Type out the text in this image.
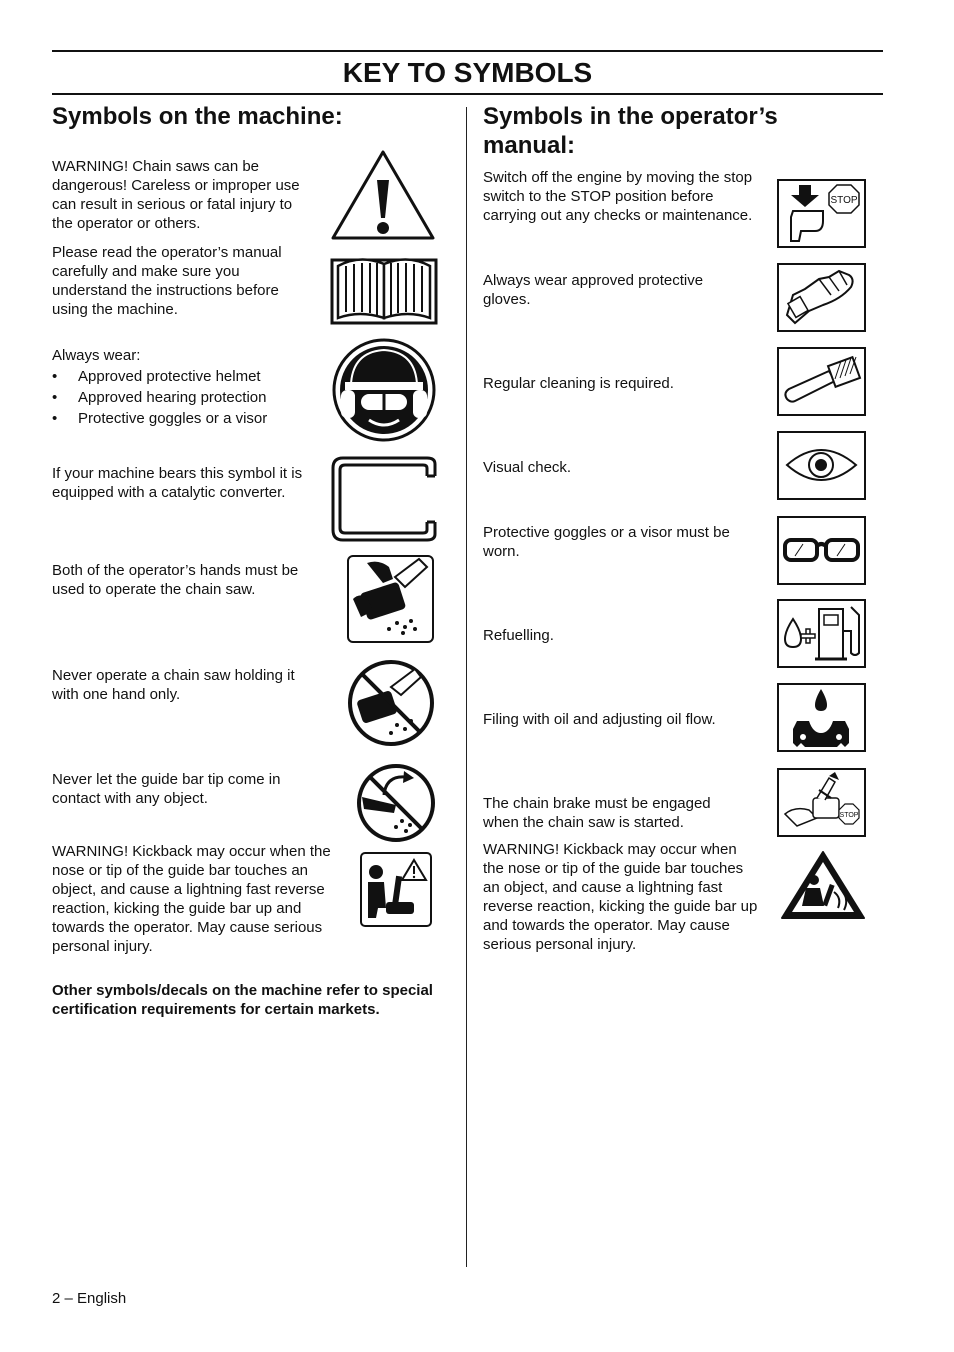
KEY TO SYMBOLS
Symbols on the machine:

WARNING! Chain saws can be dangerous! Careless or improper use can result in serious or fatal injury to the operator or others.

Please read the operator’s manual carefully and make sure you understand the instructions before using the machine.

Always wear:

• Approved protective helmet
• Approved hearing protection
• Protective goggles or a visor

If your machine bears this symbol it is equipped with a catalytic converter.

Both of the operator’s hands must be used to operate the chain saw.

Never operate a chain saw holding it with one hand only.

Never let the guide bar tip come in contact with any object.

WARNING! Kickback may occur when the nose or tip of the guide bar touches an object, and cause a lightning fast reverse reaction, kicking the guide bar up and towards the operator. May cause serious personal injury.

Other symbols/decals on the machine refer to special certification requirements for certain markets.

Symbols in the operator’s manual:

Switch off the engine by moving the stop switch to the STOP position before carrying out any checks or maintenance.

STOP

Always wear approved protective gloves.

Regular cleaning is required.

Visual check.

Protective goggles or a visor must be worn.

Refuelling.

Filing with oil and adjusting oil flow.

The chain brake must be engaged when the chain saw is started.	STOP

WARNING! Kickback may occur when the nose or tip of the guide bar touches an object, and cause a lightning fast reverse reaction, kicking the guide bar up and towards the operator. May cause serious personal injury.

2 – English
